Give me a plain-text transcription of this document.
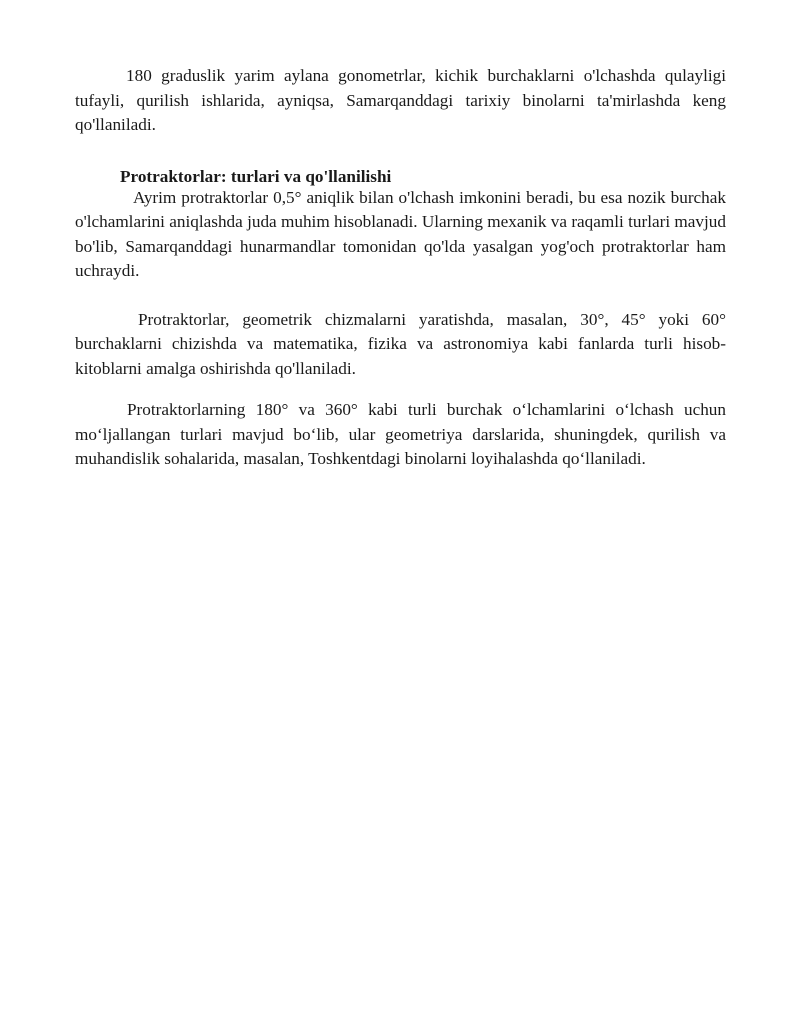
180 graduslik yarim aylana gonometrlar, kichik burchaklarni o'lchashda qulayligi tufayli, qurilish ishlarida, ayniqsa, Samarqanddagi tarixiy binolarni ta'mirlashda keng qo'llaniladi.

Protraktorlar: turlari va qo'llanilishi

Ayrim protraktorlar 0,5° aniqlik bilan o'lchash imkonini beradi, bu esa nozik burchak o'lchamlarini aniqlashda juda muhim hisoblanadi. Ularning mexanik va raqamli turlari mavjud bo'lib, Samarqanddagi hunarmandlar tomonidan qo'lda yasalgan yog'och protraktorlar ham uchraydi.

Protraktorlar, geometrik chizmalarni yaratishda, masalan, 30°, 45° yoki 60° burchaklarni chizishda va matematika, fizika va astronomiya kabi fanlarda turli hisob-kitoblarni amalga oshirishda qo'llaniladi.

Protraktorlarning 180° va 360° kabi turli burchak o‘lchamlarini o‘lchash uchun mo‘ljallangan turlari mavjud bo‘lib, ular geometriya darslarida, shuningdek, qurilish va muhandislik sohalarida, masalan, Toshkentdagi binolarni loyihalashda qo‘llaniladi.
